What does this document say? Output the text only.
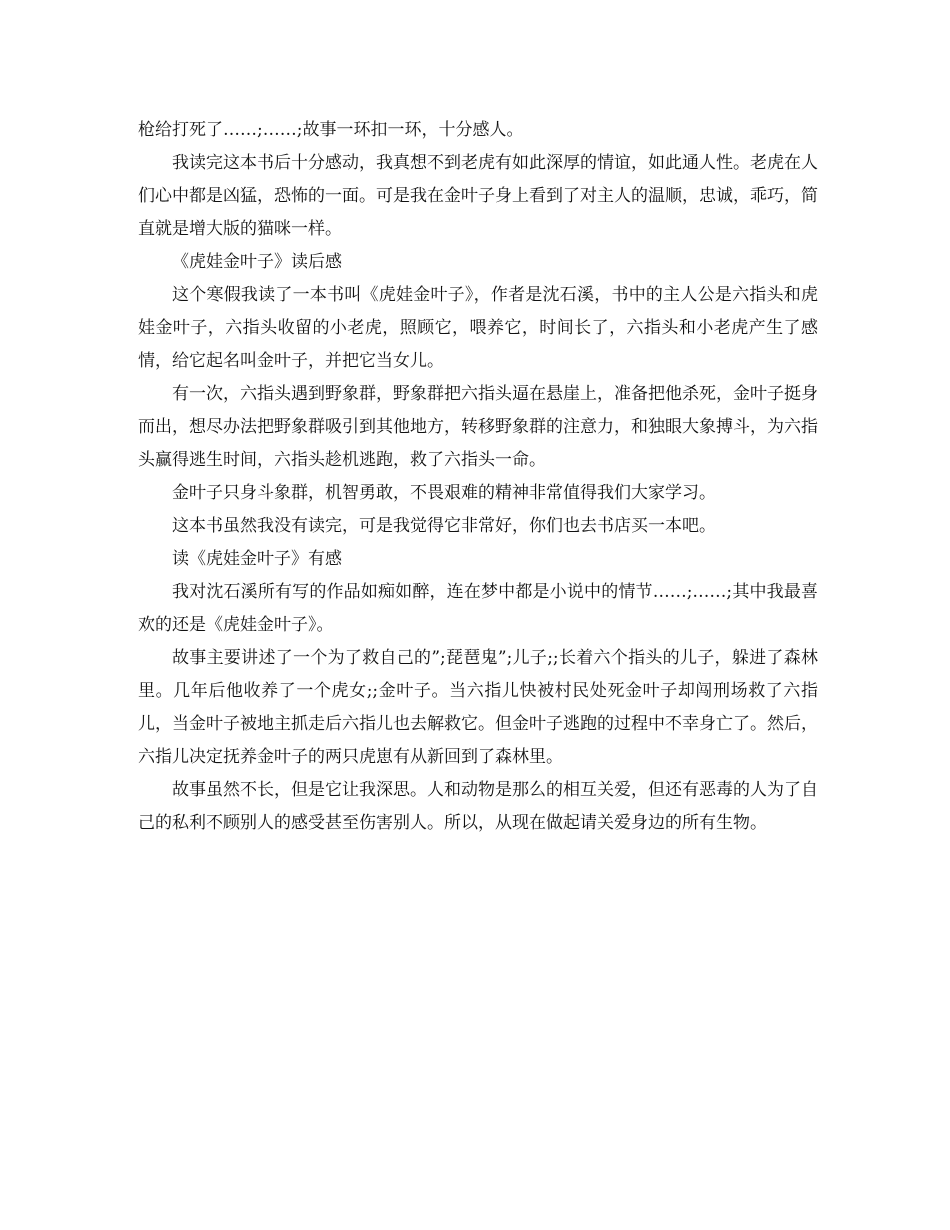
枪给打死了……;……;故事一环扣一环，十分感人。

我读完这本书后十分感动，我真想不到老虎有如此深厚的情谊，如此通人性。老虎在人们心中都是凶猛，恐怖的一面。可是我在金叶子身上看到了对主人的温顺，忠诚，乖巧，简直就是增大版的猫咪一样。

《虎娃金叶子》读后感

这个寒假我读了一本书叫《虎娃金叶子》，作者是沈石溪，书中的主人公是六指头和虎娃金叶子，六指头收留的小老虎，照顾它，喂养它，时间长了，六指头和小老虎产生了感情，给它起名叫金叶子，并把它当女儿。

有一次，六指头遇到野象群，野象群把六指头逼在悬崖上，准备把他杀死，金叶子挺身而出，想尽办法把野象群吸引到其他地方，转移野象群的注意力，和独眼大象搏斗，为六指头赢得逃生时间，六指头趁机逃跑，救了六指头一命。

金叶子只身斗象群，机智勇敢，不畏艰难的精神非常值得我们大家学习。

这本书虽然我没有读完，可是我觉得它非常好，你们也去书店买一本吧。

读《虎娃金叶子》有感

我对沈石溪所有写的作品如痴如醉，连在梦中都是小说中的情节……;……;其中我最喜欢的还是《虎娃金叶子》。

故事主要讲述了一个为了救自己的”;琵琶鬼”;儿子;;长着六个指头的儿子，躲进了森林里。几年后他收养了一个虎女;;金叶子。当六指儿快被村民处死金叶子却闯刑场救了六指儿，当金叶子被地主抓走后六指儿也去解救它。但金叶子逃跑的过程中不幸身亡了。然后，六指儿决定抚养金叶子的两只虎崽有从新回到了森林里。

故事虽然不长，但是它让我深思。人和动物是那么的相互关爱，但还有恶毒的人为了自己的私利不顾别人的感受甚至伤害别人。所以，从现在做起请关爱身边的所有生物。
